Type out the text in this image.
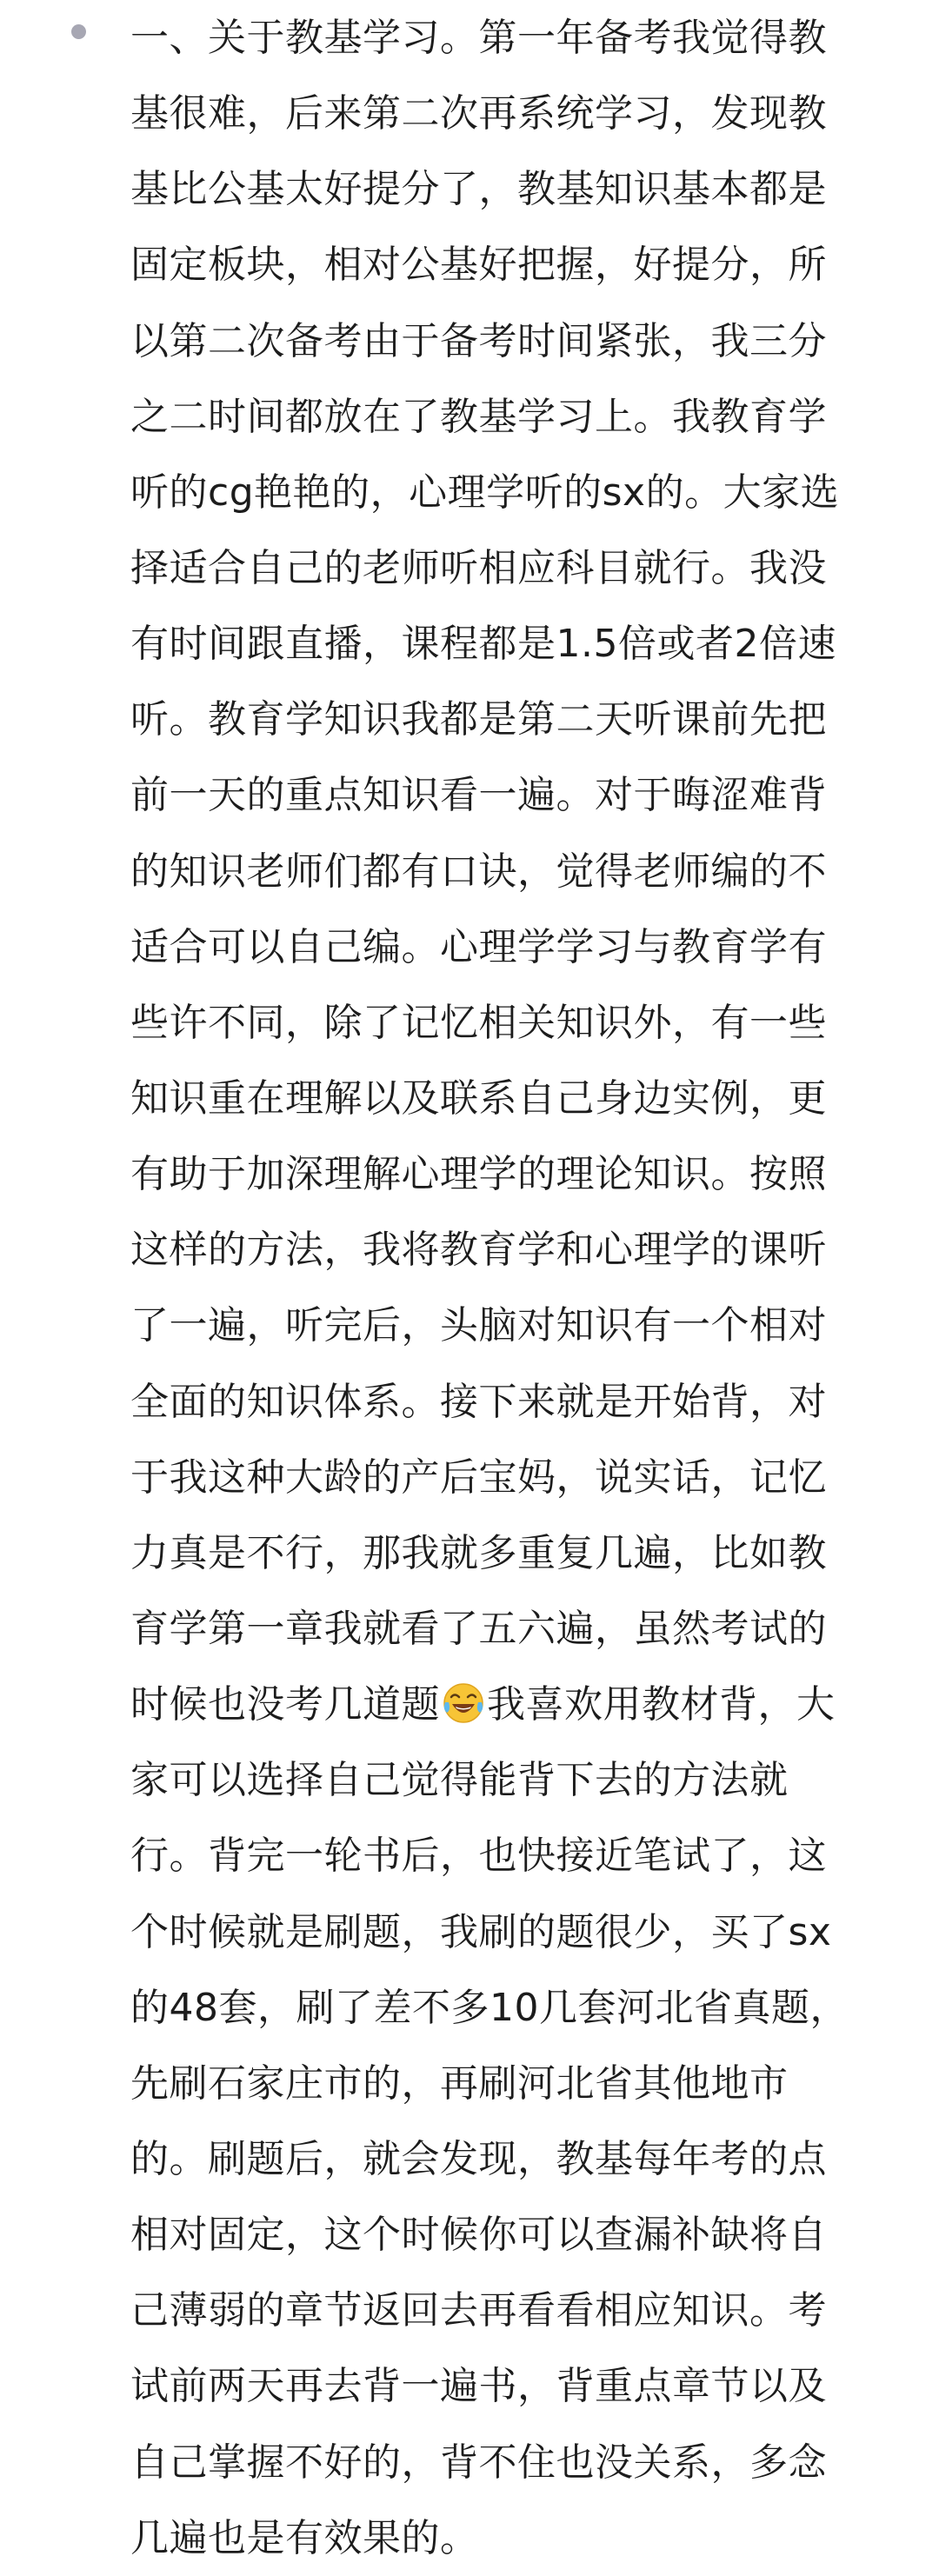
一、关于教基学习。第一年备考我觉得教
基很难，后来第二次再系统学习，发现教
基比公基太好提分了，教基知识基本都是
固定板块，相对公基好把握，好提分，所
以第二次备考由于备考时间紧张，我三分
之二时间都放在了教基学习上。我教育学
听的cg艳艳的，心理学听的sx的。大家选
择适合自己的老师听相应科目就行。我没
有时间跟直播，课程都是1.5倍或者2倍速
听。教育学知识我都是第二天听课前先把
前一天的重点知识看一遍。对于晦涩难背
的知识老师们都有口诀，觉得老师编的不
适合可以自己编。心理学学习与教育学有
些许不同，除了记忆相关知识外，有一些
知识重在理解以及联系自己身边实例，更
有助于加深理解心理学的理论知识。按照
这样的方法，我将教育学和心理学的课听
了一遍，听完后，头脑对知识有一个相对
全面的知识体系。接下来就是开始背，对
于我这种大龄的产后宝妈，说实话，记忆
力真是不行，那我就多重复几遍，比如教
育学第一章我就看了五六遍，虽然考试的
时候也没考几道题 我喜欢用教材背，大
家可以选择自己觉得能背下去的方法就
行。背完一轮书后，也快接近笔试了，这
个时候就是刷题，我刷的题很少，买了sx
的48套，刷了差不多10几套河北省真题，
先刷石家庄市的，再刷河北省其他地市
的。刷题后，就会发现，教基每年考的点
相对固定，这个时候你可以查漏补缺将自
己薄弱的章节返回去再看看相应知识。考
试前两天再去背一遍书，背重点章节以及
自己掌握不好的，背不住也没关系，多念
几遍也是有效果的。
